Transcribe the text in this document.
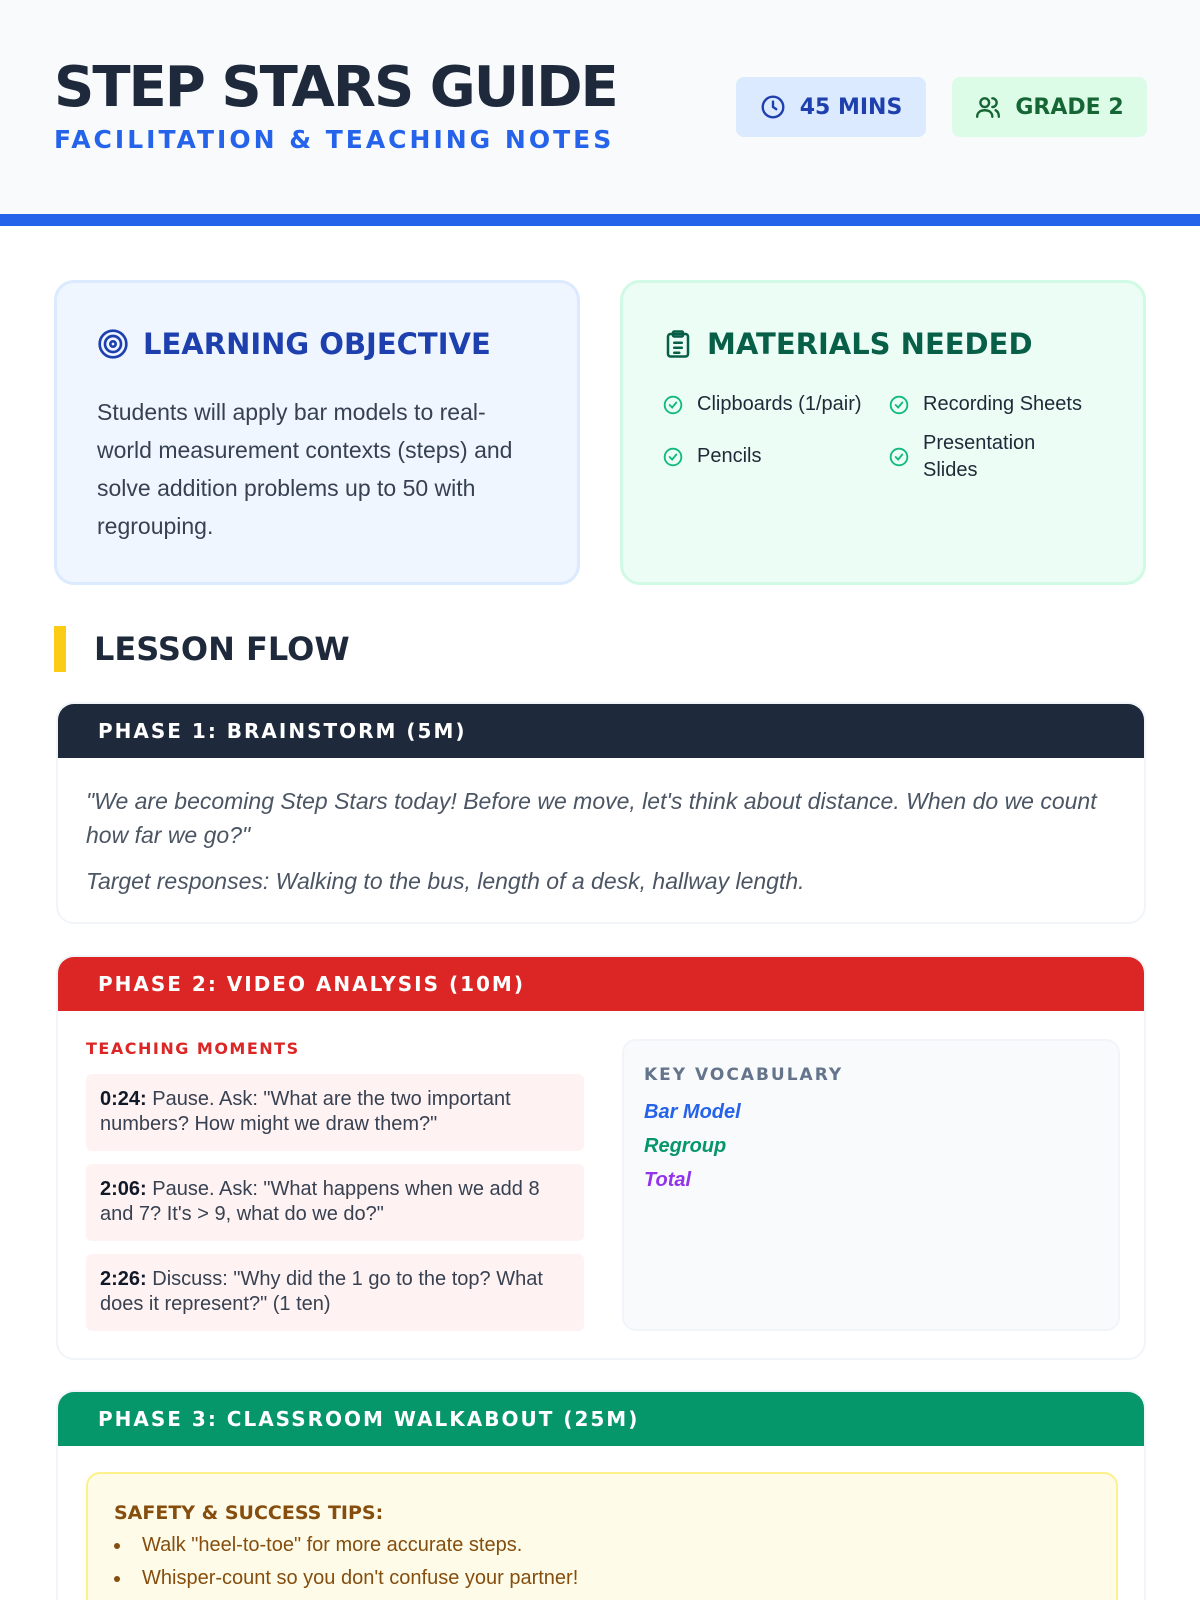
STEP STARS GUIDE
FACILITATION & TEACHING NOTES
45 MINS	GRADE 2
LEARNING OBJECTIVE
Students will apply bar models to real-world measurement contexts (steps) and solve addition problems up to 50 with regrouping.
MATERIALS NEEDED
Clipboards (1/pair)	Recording Sheets
Pencils
Presentation Slides
LESSON FLOW
PHASE 1: BRAINSTORM (5M)
"We are becoming Step Stars today! Before we move, let's think about distance. When do we count how far we go?"
Target responses: Walking to the bus, length of a desk, hallway length.
PHASE 2: VIDEO ANALYSIS (10M)
TEACHING MOMENTS
0:24: Pause. Ask: "What are the two important numbers? How might we draw them?"
2:06: Pause. Ask: "What happens when we add 8 and 7? It's > 9, what do we do?"
2:26: Discuss: "Why did the 1 go to the top? What does it represent?" (1 ten)
KEY VOCABULARY
Bar Model
Regroup
Total
PHASE 3: CLASSROOM WALKABOUT (25M)
SAFETY & SUCCESS TIPS:
Walk "heel-to-toe" for more accurate steps.
Whisper-count so you don't confuse your partner!
